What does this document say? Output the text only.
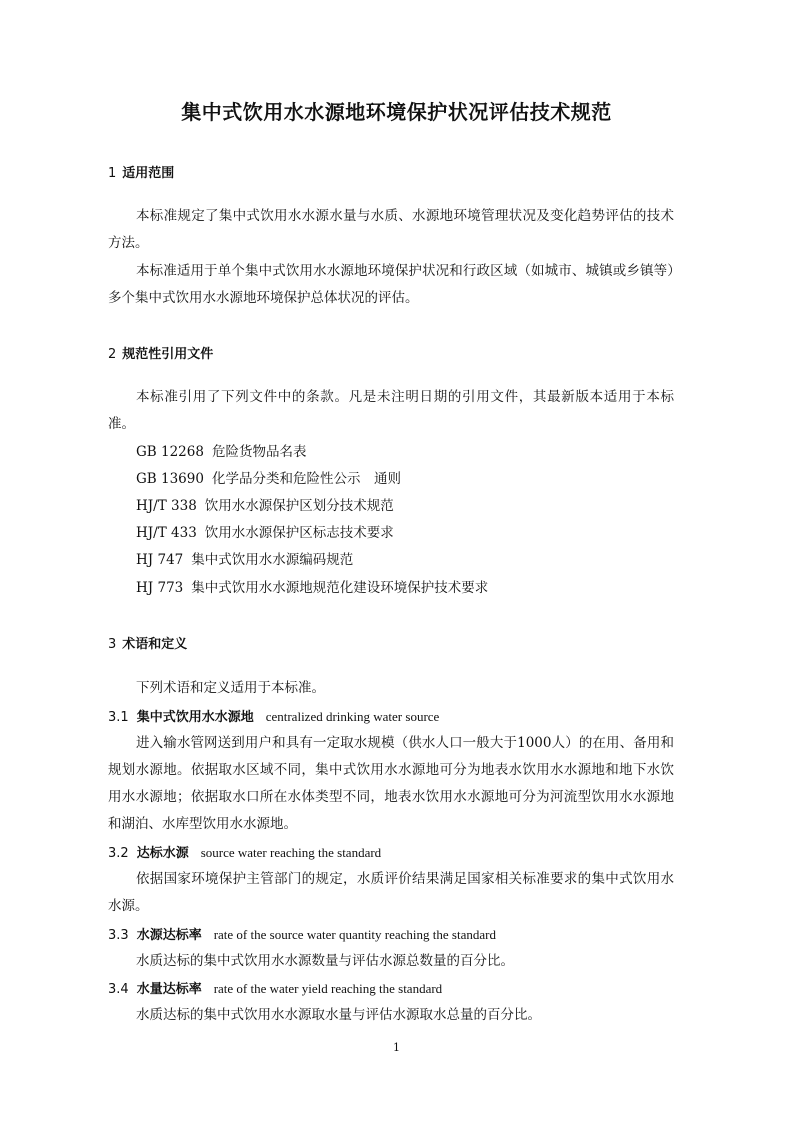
集中式饮用水水源地环境保护状况评估技术规范
1 适用范围

本标准规定了集中式饮用水水源水量与水质、水源地环境管理状况及变化趋势评估的技术方法。

本标准适用于单个集中式饮用水水源地环境保护状况和行政区域（如城市、城镇或乡镇等）多个集中式饮用水水源地环境保护总体状况的评估。

2 规范性引用文件

本标准引用了下列文件中的条款。凡是未注明日期的引用文件，其最新版本适用于本标准。

GB 12268 危险货物品名表
GB 13690 化学品分类和危险性公示　通则
HJ/T 338 饮用水水源保护区划分技术规范
HJ/T 433 饮用水水源保护区标志技术要求
HJ 747 集中式饮用水水源编码规范
HJ 773 集中式饮用水水源地规范化建设环境保护技术要求
3 术语和定义

下列术语和定义适用于本标准。

3.1 集中式饮用水水源地 centralized drinking water source

进入输水管网送到用户和具有一定取水规模（供水人口一般大于1000人）的在用、备用和规划水源地。依据取水区域不同，集中式饮用水水源地可分为地表水饮用水水源地和地下水饮用水水源地；依据取水口所在水体类型不同，地表水饮用水水源地可分为河流型饮用水水源地和湖泊、水库型饮用水水源地。

3.2 达标水源 source water reaching the standard

依据国家环境保护主管部门的规定，水质评价结果满足国家相关标准要求的集中式饮用水水源。

3.3 水源达标率 rate of the source water quantity reaching the standard

水质达标的集中式饮用水水源数量与评估水源总数量的百分比。

3.4 水量达标率 rate of the water yield reaching the standard

水质达标的集中式饮用水水源取水量与评估水源取水总量的百分比。

1
